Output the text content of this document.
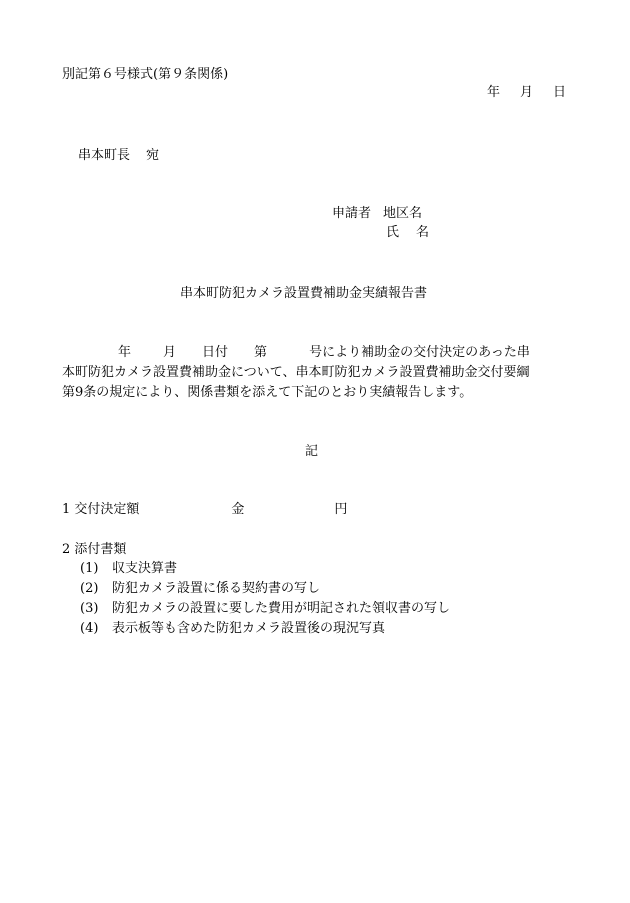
別記第６号様式(第９条関係)
年 月 日
串本町長 宛
申請者 地区名
氏 名
串本町防犯カメラ設置費補助金実績報告書
年 月 日付 第	号により補助金の交付決定のあった串
本町防犯カメラ設置費補助金について、串本町防犯カメラ設置費補助金交付要綱
第9条の規定により、関係書類を添えて下記のとおり実績報告します。
記
1 交付決定額	金	円
2 添付書類
(1) 収支決算書
(2) 防犯カメラ設置に係る契約書の写し
(3) 防犯カメラの設置に要した費用が明記された領収書の写し
(4) 表示板等も含めた防犯カメラ設置後の現況写真
